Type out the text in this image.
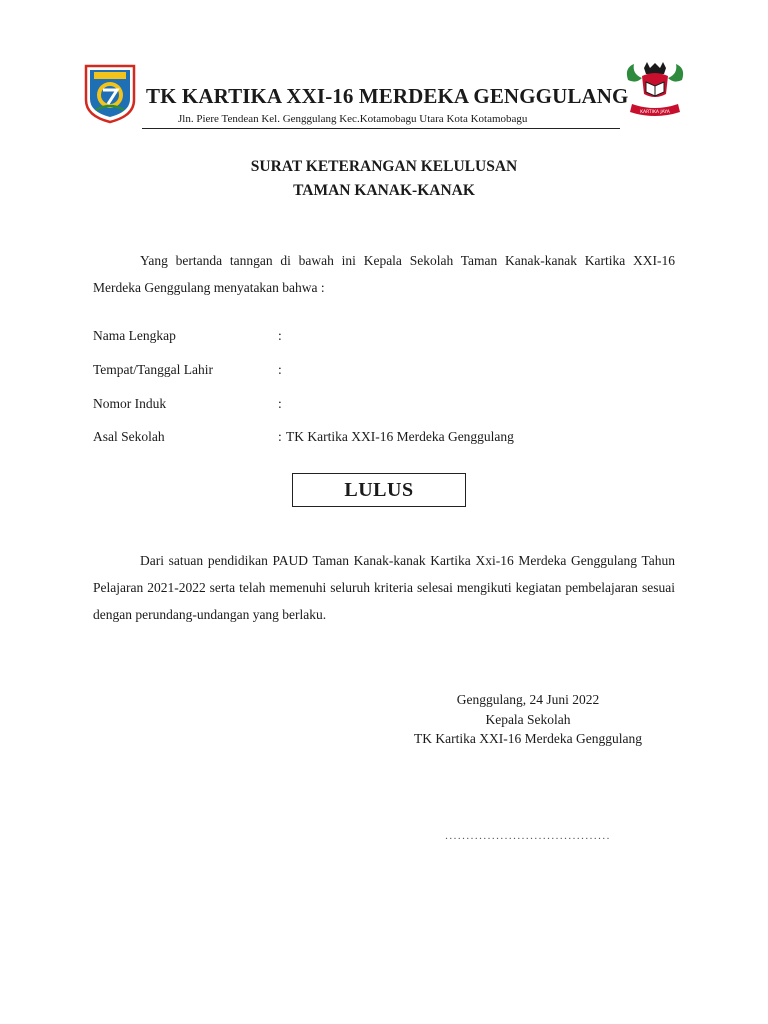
TK KARTIKA XXI-16 MERDEKA GENGGULANG
Jln. Piere Tendean Kel. Genggulang Kec.Kotamobagu Utara Kota Kotamobagu
KARTIKA JAYA
SURAT KETERANGAN KELULUSAN
TAMAN KANAK-KANAK
Yang bertanda tanngan di bawah ini Kepala Sekolah Taman Kanak-kanak Kartika XXI-16 Merdeka Genggulang menyatakan bahwa :
Nama Lengkap	:
Tempat/Tanggal Lahir	:
Nomor Induk	:
Asal Sekolah	: TK Kartika XXI-16 Merdeka Genggulang
LULUS
Dari satuan pendidikan PAUD Taman Kanak-kanak Kartika Xxi-16 Merdeka Genggulang Tahun Pelajaran 2021-2022 serta telah memenuhi seluruh kriteria selesai mengikuti kegiatan pembelajaran sesuai dengan perundang-undangan yang berlaku.
Genggulang, 24 Juni 2022
Kepala Sekolah
TK Kartika XXI-16 Merdeka Genggulang
.......................................
